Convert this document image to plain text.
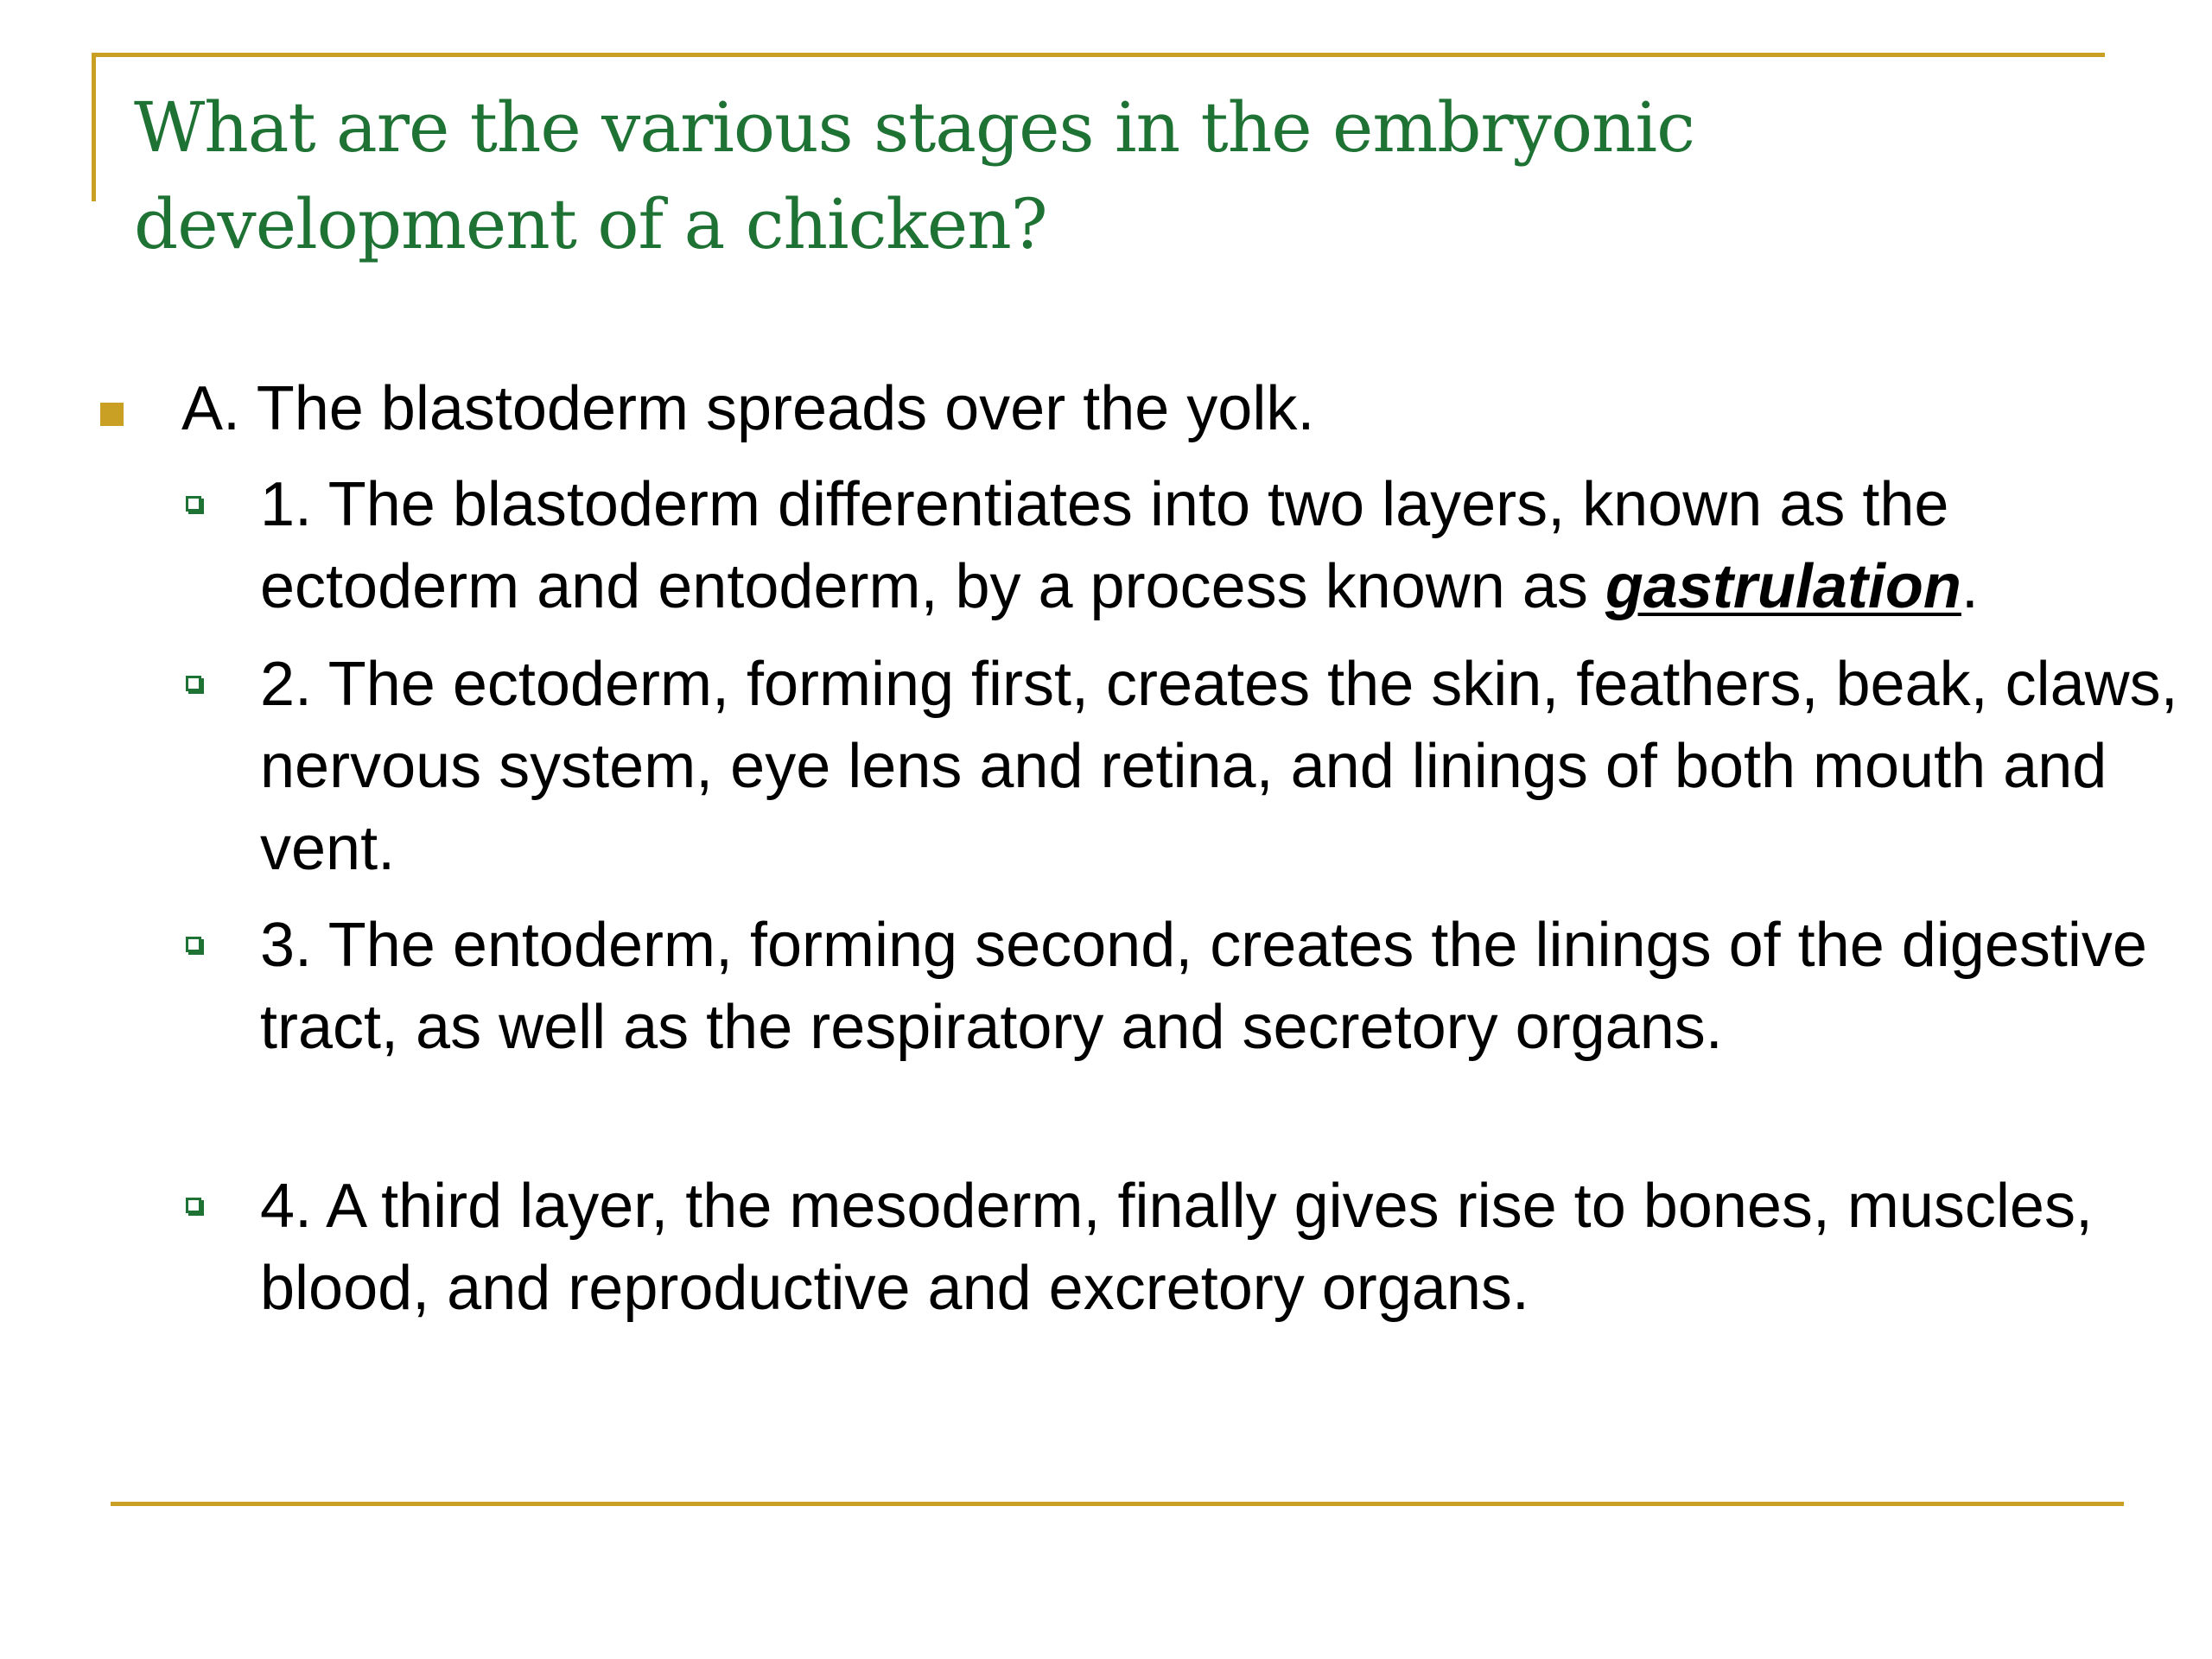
What are the various stages in the embryonic development of a chicken?

A. The blastoderm spreads over the yolk.

1. The blastoderm differentiates into two layers, known as the ectoderm and entoderm, by a process known as gastrulation.

2. The ectoderm, forming first, creates the skin, feathers, beak, claws, nervous system, eye lens and retina, and linings of both mouth and vent.

3. The entoderm, forming second, creates the linings of the digestive tract, as well as the respiratory and secretory organs.

4. A third layer, the mesoderm, finally gives rise to bones, muscles, blood, and reproductive and excretory organs.
